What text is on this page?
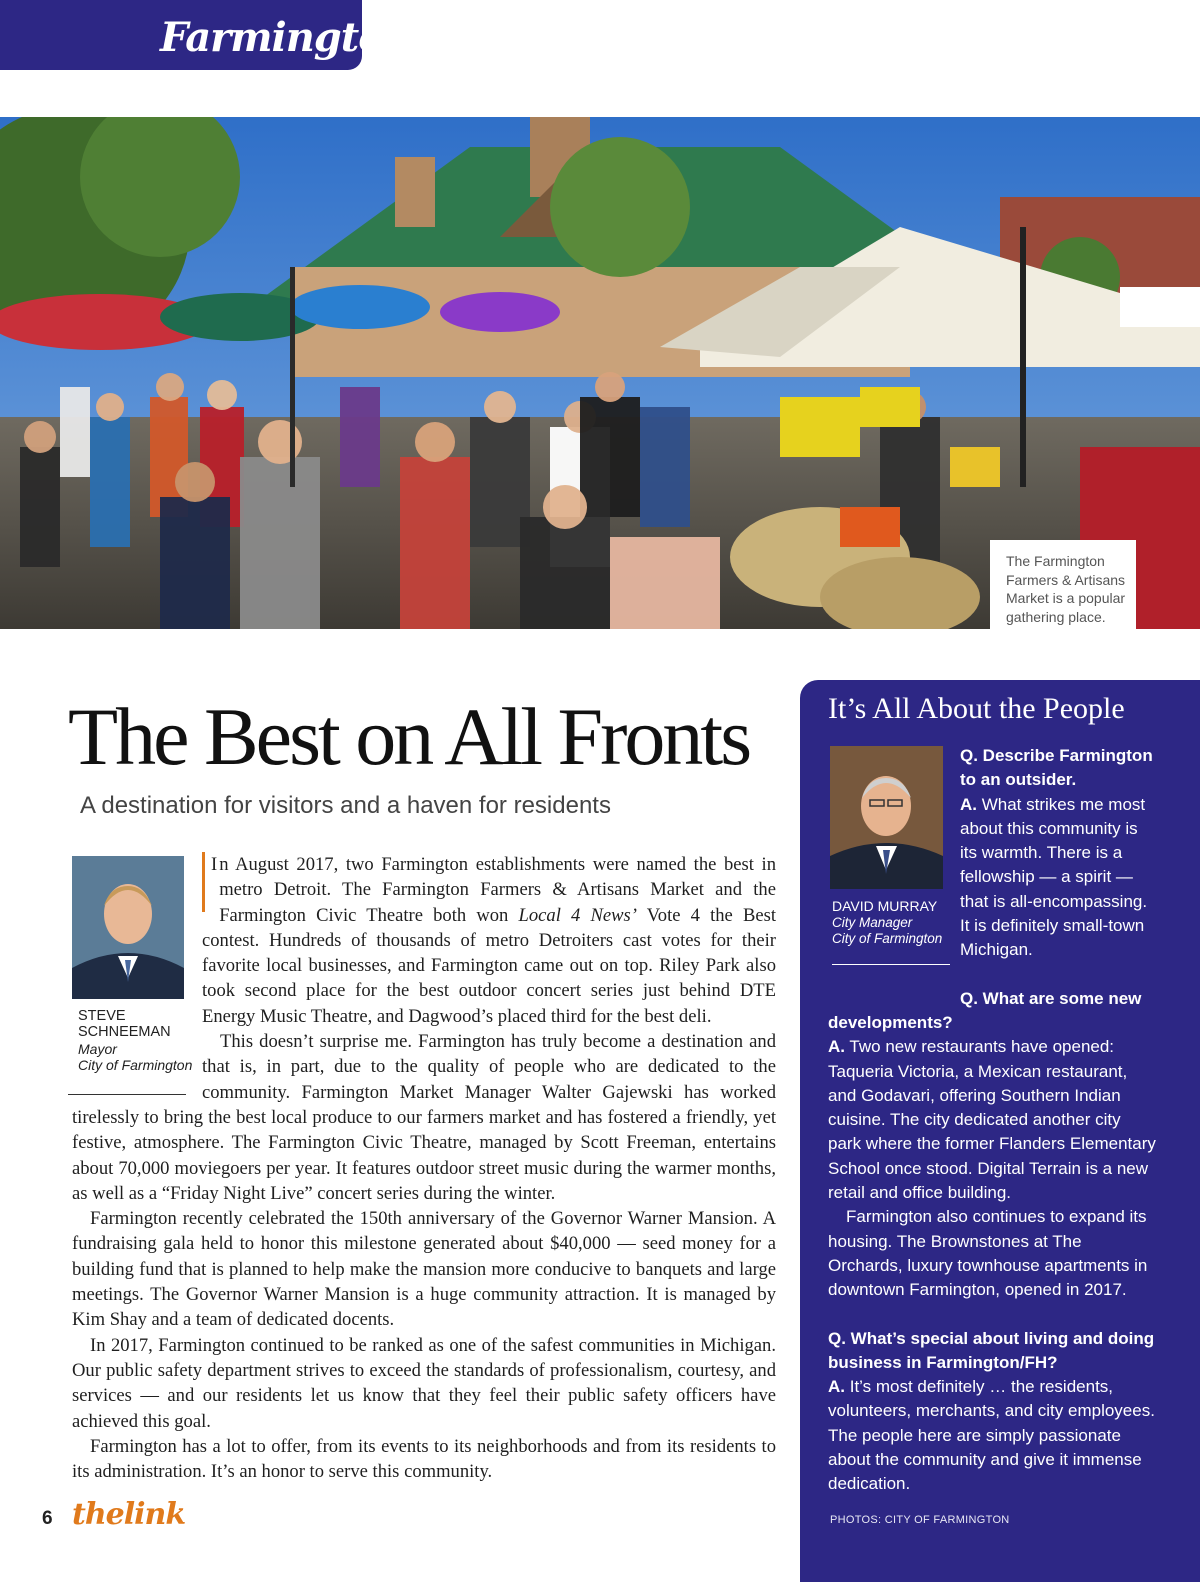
Farmington
The Farmington Farmers & Artisans Market is a popular gathering place.
The Best on All Fronts
A destination for visitors and a haven for residents
STEVE SCHNEEMAN
Mayor
City of Farmington

I n August 2017, two Farmington establishments were named the best in metro Detroit. The Farmington Farmers & Artisans Market and the Farmington Civic Theatre both won Local 4 News’ Vote 4 the Best contest. Hundreds of thousands of metro Detroiters cast votes for their favorite local businesses, and Farmington came out on top. Riley Park also took second place for the best outdoor concert series just behind DTE Energy Music Theatre, and Dagwood’s placed third for the best deli.

This doesn’t surprise me. Farmington has truly become a destination and that is, in part, due to the quality of people who are dedicated to the community. Farmington Market Manager Walter Gajewski has worked tirelessly to bring the best local produce to our farmers market and has fostered a friendly, yet festive, atmosphere. The Farmington Civic Theatre, managed by Scott Freeman, entertains about 70,000 moviegoers per year. It features outdoor street music during the warmer months, as well as a “Friday Night Live” concert series during the winter.

Farmington recently celebrated the 150th anniversary of the Governor Warner Mansion. A fundraising gala held to honor this milestone generated about $40,000 — seed money for a building fund that is planned to help make the mansion more conducive to banquets and large meetings. The Governor Warner Mansion is a huge community attraction. It is managed by Kim Shay and a team of dedicated docents.

In 2017, Farmington continued to be ranked as one of the safest communities in Michigan. Our public safety department strives to exceed the standards of professionalism, courtesy, and services — and our residents let us know that they feel their public safety officers have achieved this goal.

Farmington has a lot to offer, from its events to its neighborhoods and from its residents to its administration. It’s an honor to serve this community.

It’s All About the People

Q. Describe Farmington to an outsider.

A. What strikes me most about this community is its warmth. There is a fellowship — a spirit — that is all-encompassing. It is definitely small-town Michigan.

Q. What are some new developments?

A. Two new restaurants have opened: Taqueria Victoria, a Mexican restaurant, and Godavari, offering Southern Indian cuisine. The city dedicated another city park where the former Flanders Elementary School once stood. Digital Terrain is a new retail and office building.

Farmington also continues to expand its housing. The Brownstones at The Orchards, luxury townhouse apartments in downtown Farmington, opened in 2017.

Q. What’s special about living and doing business in Farmington/FH?

A. It’s most definitely … the residents, volunteers, merchants, and city employees. The people here are simply passionate about the community and give it immense dedication.

DAVID MURRAY
City Manager
City of Farmington
PHOTOS: CITY OF FARMINGTON
6 thelink
